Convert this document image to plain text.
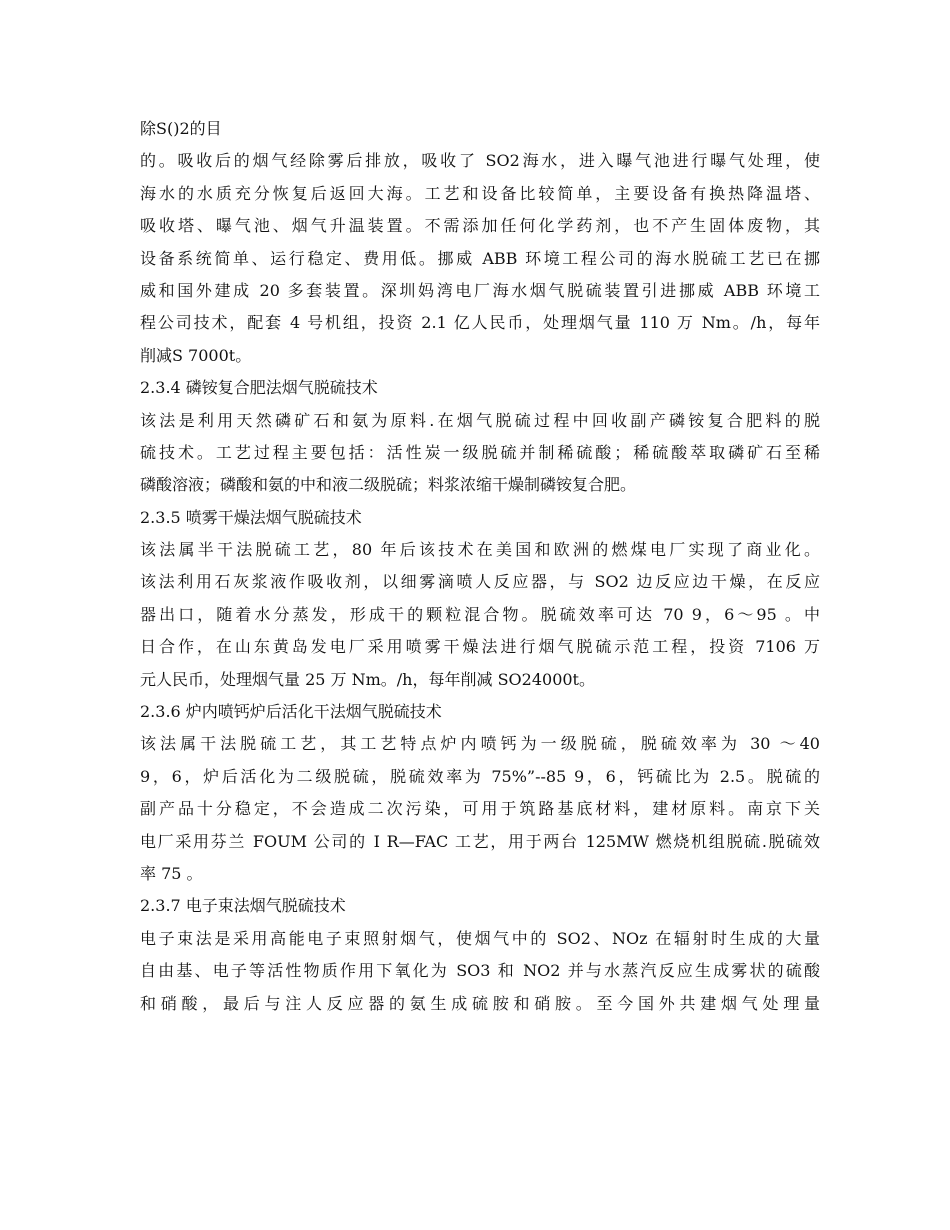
除S()2的目
的。吸收后的烟气经除雾后排放，吸收了 SO2海水，进入曝气池进行曝气处理，使
海水的水质充分恢复后返回大海。工艺和设备比较简单，主要设备有换热降温塔、
吸收塔、曝气池、烟气升温装置。不需添加任何化学药剂，也不产生固体废物，其
设备系统简单、运行稳定、费用低。挪威 ABB 环境工程公司的海水脱硫工艺已在挪
威和国外建成 20 多套装置。深圳妈湾电厂海水烟气脱硫装置引进挪威 ABB 环境工
程公司技术，配套 4 号机组，投资 2.1 亿人民币，处理烟气量 110 万 Nm。/h，每年
削减S 7000t。
2.3.4 磷铵复合肥法烟气脱硫技术
该法是利用天然磷矿石和氨为原料.在烟气脱硫过程中回收副产磷铵复合肥料的脱
硫技术。工艺过程主要包括：活性炭一级脱硫并制稀硫酸；稀硫酸萃取磷矿石至稀
磷酸溶液；磷酸和氨的中和液二级脱硫；料浆浓缩干燥制磷铵复合肥。
2.3.5 喷雾干燥法烟气脱硫技术
该法属半干法脱硫工艺，80 年后该技术在美国和欧洲的燃煤电厂实现了商业化。
该法利用石灰浆液作吸收剂，以细雾滴喷人反应器，与 SO2 边反应边干燥，在反应
器出口，随着水分蒸发，形成干的颗粒混合物。脱硫效率可达 70 9，6～95 。中
日合作，在山东黄岛发电厂采用喷雾干燥法进行烟气脱硫示范工程，投资 7106 万
元人民币，处理烟气量 25 万 Nm。/h，每年削减 SO24000t。
2.3.6 炉内喷钙炉后活化干法烟气脱硫技术
该法属干法脱硫工艺，其工艺特点炉内喷钙为一级脱硫，脱硫效率为 30 ～40
9，6，炉后活化为二级脱硫，脱硫效率为 75%”--85 9，6，钙硫比为 2.5。脱硫的
副产品十分稳定，不会造成二次污染，可用于筑路基底材料，建材原料。南京下关
电厂采用芬兰 FOUM 公司的 I R—FAC 工艺，用于两台 125MW 燃烧机组脱硫.脱硫效
率 75 。
2.3.7 电子束法烟气脱硫技术
电子束法是采用高能电子束照射烟气，使烟气中的 SO2、NOz 在辐射时生成的大量
自由基、电子等活性物质作用下氧化为 SO3 和 NO2 并与水蒸汽反应生成雾状的硫酸
和硝酸，最后与注人反应器的氨生成硫胺和硝胺。至今国外共建烟气处理量
